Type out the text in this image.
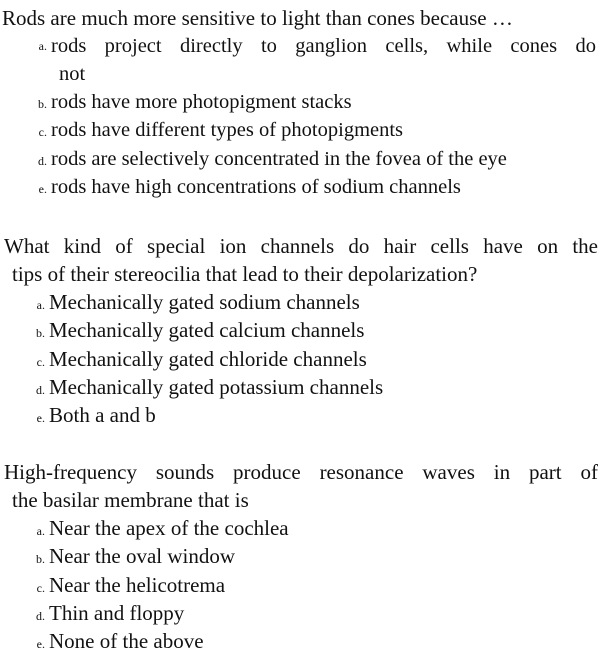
Rods are much more sensitive to light than cones because …
a. rods project directly to ganglion cells, while cones do
not
b. rods have more photopigment stacks
c. rods have different types of photopigments
d. rods are selectively concentrated in the fovea of the eye
e. rods have high concentrations of sodium channels
What kind of special ion channels do hair cells have on the
tips of their stereocilia that lead to their depolarization?
a. Mechanically gated sodium channels
b. Mechanically gated calcium channels
c. Mechanically gated chloride channels
d. Mechanically gated potassium channels
e. Both a and b
High-frequency sounds produce resonance waves in part of
the basilar membrane that is
a. Near the apex of the cochlea
b. Near the oval window
c. Near the helicotrema
d. Thin and floppy
e. None of the above
